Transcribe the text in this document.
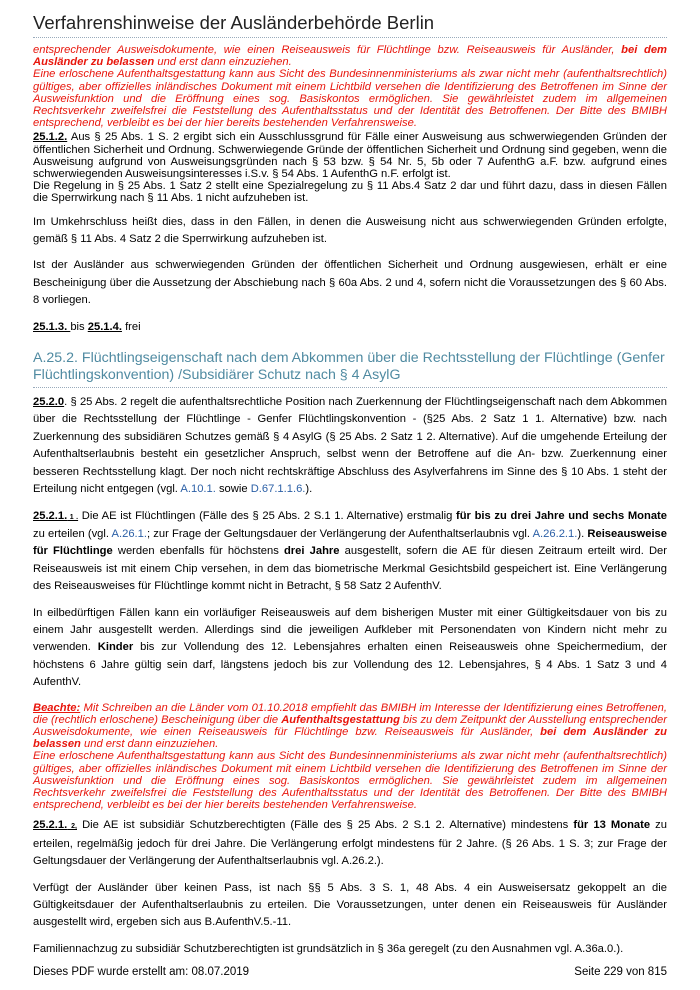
Verfahrenshinweise der Ausländerbehörde Berlin

entsprechender Ausweisdokumente, wie einen Reiseausweis für Flüchtlinge bzw. Reiseausweis für Ausländer, bei dem Ausländer zu belassen und erst dann einzuziehen.

Eine erloschene Aufenthaltsgestattung kann aus Sicht des Bundesinnenministeriums als zwar nicht mehr (aufenthaltsrechtlich) gültiges, aber offizielles inländisches Dokument mit einem Lichtbild versehen die Identifizierung des Betroffenen im Sinne der Ausweisfunktion und die Eröffnung eines sog. Basiskontos ermöglichen. Sie gewährleistet zudem im allgemeinen Rechtsverkehr zweifelsfrei die Feststellung des Aufenthaltsstatus und der Identität des Betroffenen. Der Bitte des BMIBH entsprechend, verbleibt es bei der hier bereits bestehenden Verfahrensweise.

25.1.2. Aus § 25 Abs. 1 S. 2 ergibt sich ein Ausschlussgrund für Fälle einer Ausweisung aus schwerwiegenden Gründen der öffentlichen Sicherheit und Ordnung. Schwerwiegende Gründe der öffentlichen Sicherheit und Ordnung sind gegeben, wenn die Ausweisung aufgrund von Ausweisungsgründen nach § 53 bzw. § 54 Nr. 5, 5b oder 7 AufenthG a.F. bzw. aufgrund eines schwerwiegenden Ausweisungsinteresses i.S.v. § 54 Abs. 1 AufenthG n.F. erfolgt ist.

Die Regelung in § 25 Abs. 1 Satz 2 stellt eine Spezialregelung zu § 11 Abs.4 Satz 2 dar und führt dazu, dass in diesen Fällen die Sperrwirkung nach § 11 Abs. 1 nicht aufzuheben ist.

Im Umkehrschluss heißt dies, dass in den Fällen, in denen die Ausweisung nicht aus schwerwiegenden Gründen erfolgte, gemäß § 11 Abs. 4 Satz 2 die Sperrwirkung aufzuheben ist.

Ist der Ausländer aus schwerwiegenden Gründen der öffentlichen Sicherheit und Ordnung ausgewiesen, erhält er eine Bescheinigung über die Aussetzung der Abschiebung nach § 60a Abs. 2 und 4, sofern nicht die Voraussetzungen des § 60 Abs. 8 vorliegen.

25.1.3. bis 25.1.4. frei

A.25.2. Flüchtlingseigenschaft nach dem Abkommen über die Rechtsstellung der Flüchtlinge (Genfer Flüchtlingskonvention) /Subsidiärer Schutz nach § 4 AsylG

25.2.0. § 25 Abs. 2 regelt die aufenthaltsrechtliche Position nach Zuerkennung der Flüchtlingseigenschaft nach dem Abkommen über die Rechtsstellung der Flüchtlinge - Genfer Flüchtlingskonvention - (§25 Abs. 2 Satz 1 1. Alternative) bzw. nach Zuerkennung des subsidiären Schutzes gemäß § 4 AsylG (§ 25 Abs. 2 Satz 1 2. Alternative). Auf die umgehende Erteilung der Aufenthaltserlaubnis besteht ein gesetzlicher Anspruch, selbst wenn der Betroffene auf die An- bzw. Zuerkennung einer besseren Rechtsstellung klagt. Der noch nicht rechtskräftige Abschluss des Asylverfahrens im Sinne des § 10 Abs. 1 steht der Erteilung nicht entgegen (vgl. A.10.1. sowie D.67.1.1.6.).

25.2.1. 1 . Die AE ist Flüchtlingen (Fälle des § 25 Abs. 2 S.1 1. Alternative) erstmalig für bis zu drei Jahre und sechs Monate zu erteilen (vgl. A.26.1.; zur Frage der Geltungsdauer der Verlängerung der Aufenthaltserlaubnis vgl. A.26.2.1.). Reiseausweise für Flüchtlinge werden ebenfalls für höchstens drei Jahre ausgestellt, sofern die AE für diesen Zeitraum erteilt wird. Der Reiseausweis ist mit einem Chip versehen, in dem das biometrische Merkmal Gesichtsbild gespeichert ist. Eine Verlängerung des Reiseausweises für Flüchtlinge kommt nicht in Betracht, § 58 Satz 2 AufenthV.

In eilbedürftigen Fällen kann ein vorläufiger Reiseausweis auf dem bisherigen Muster mit einer Gültigkeitsdauer von bis zu einem Jahr ausgestellt werden. Allerdings sind die jeweiligen Aufkleber mit Personendaten von Kindern nicht mehr zu verwenden. Kinder bis zur Vollendung des 12. Lebensjahres erhalten einen Reiseausweis ohne Speichermedium, der höchstens 6 Jahre gültig sein darf, längstens jedoch bis zur Vollendung des 12. Lebensjahres, § 4 Abs. 1 Satz 3 und 4 AufenthV.

Beachte: Mit Schreiben an die Länder vom 01.10.2018 empfiehlt das BMIBH im Interesse der Identifizierung eines Betroffenen, die (rechtlich erloschene) Bescheinigung über die Aufenthaltsgestattung bis zu dem Zeitpunkt der Ausstellung entsprechender Ausweisdokumente, wie einen Reiseausweis für Flüchtlinge bzw. Reiseausweis für Ausländer, bei dem Ausländer zu belassen und erst dann einzuziehen.

Eine erloschene Aufenthaltsgestattung kann aus Sicht des Bundesinnenministeriums als zwar nicht mehr (aufenthaltsrechtlich) gültiges, aber offizielles inländisches Dokument mit einem Lichtbild versehen die Identifizierung des Betroffenen im Sinne der Ausweisfunktion und die Eröffnung eines sog. Basiskontos ermöglichen. Sie gewährleistet zudem im allgemeinen Rechtsverkehr zweifelsfrei die Feststellung des Aufenthaltsstatus und der Identität des Betroffenen. Der Bitte des BMIBH entsprechend, verbleibt es bei der hier bereits bestehenden Verfahrensweise.

25.2.1. 2, Die AE ist subsidiär Schutzberechtigten (Fälle des § 25 Abs. 2 S.1 2. Alternative) mindestens für 13 Monate zu erteilen, regelmäßig jedoch für drei Jahre. Die Verlängerung erfolgt mindestens für 2 Jahre. (§ 26 Abs. 1 S. 3; zur Frage der Geltungsdauer der Verlängerung der Aufenthaltserlaubnis vgl. A.26.2.).

Verfügt der Ausländer über keinen Pass, ist nach §§ 5 Abs. 3 S. 1, 48 Abs. 4 ein Ausweisersatz gekoppelt an die Gültigkeitsdauer der Aufenthaltserlaubnis zu erteilen. Die Voraussetzungen, unter denen ein Reiseausweis für Ausländer ausgestellt wird, ergeben sich aus B.AufenthV.5.-11.

Familiennachzug zu subsidiär Schutzberechtigten ist grundsätzlich in § 36a geregelt (zu den Ausnahmen vgl. A.36a.0.).

Dieses PDF wurde erstellt am: 08.07.2019	Seite 229 von 815
